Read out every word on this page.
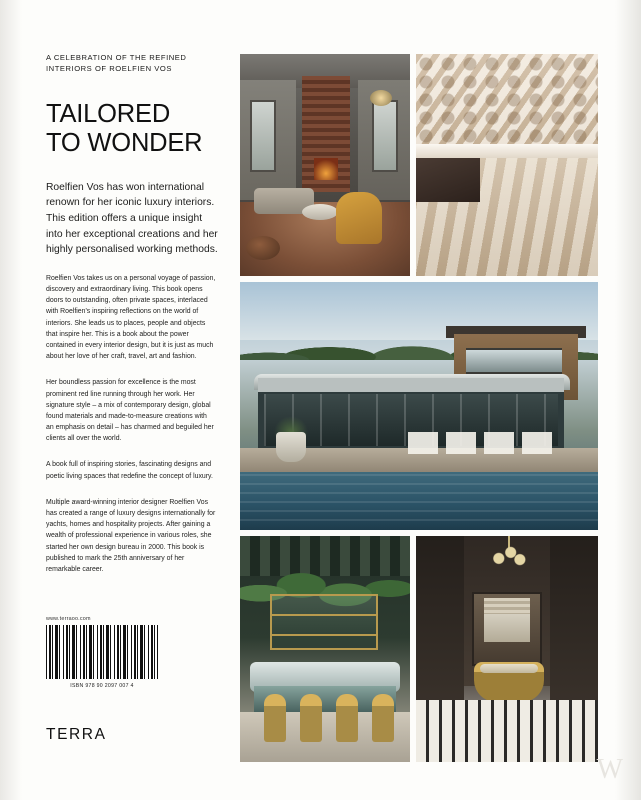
A CELEBRATION OF THE REFINED INTERIORS OF ROELFIEN VOS

TAILORED
TO WONDER

Roelfien Vos has won international renown for her iconic luxury interiors. This edition offers a unique insight into her exceptional creations and her highly personalised working methods.

Roelfien Vos takes us on a personal voyage of passion, discovery and extraordinary living. This book opens doors to outstanding, often private spaces, interlaced with Roelfien's inspiring reflections on the world of interiors. She leads us to places, people and objects that inspire her. This is a book about the power contained in every interior design, but it is just as much about her love of her craft, travel, art and fashion.

Her boundless passion for excellence is the most prominent red line running through her work. Her signature style – a mix of contemporary design, global found materials and made-to-measure creations with an emphasis on detail – has charmed and beguiled her clients all over the world.

A book full of inspiring stories, fascinating designs and poetic living spaces that redefine the concept of luxury.

Multiple award-winning interior designer Roelfien Vos has created a range of luxury designs internationally for yachts, homes and hospitality projects. After gaining a wealth of professional experience in various roles, she started her own design bureau in 2000. This book is published to mark the 25th anniversary of her remarkable career.

www.terraoo.com
ISBN 978 90 2097 007 4
TERRA
W
